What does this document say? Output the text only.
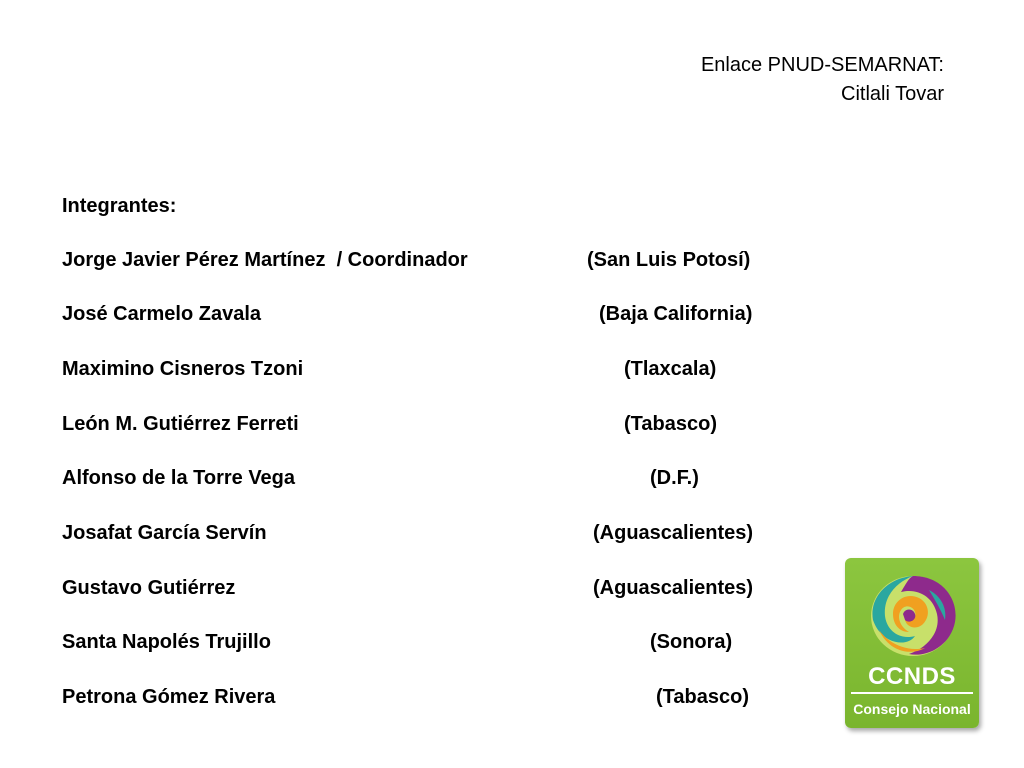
Enlace PNUD-SEMARNAT:
Citlali Tovar
Integrantes:
Jorge Javier Pérez Martínez  / Coordinador	(San Luis Potosí)
José Carmelo Zavala	(Baja California)
Maximino Cisneros Tzoni	(Tlaxcala)
León M. Gutiérrez Ferreti	(Tabasco)
Alfonso de la Torre Vega	(D.F.)
Josafat García Servín	(Aguascalientes)
Gustavo Gutiérrez	(Aguascalientes)
Santa Napolés Trujillo	(Sonora)
Petrona Gómez Rivera	(Tabasco)
CCNDS
Consejo Nacional
